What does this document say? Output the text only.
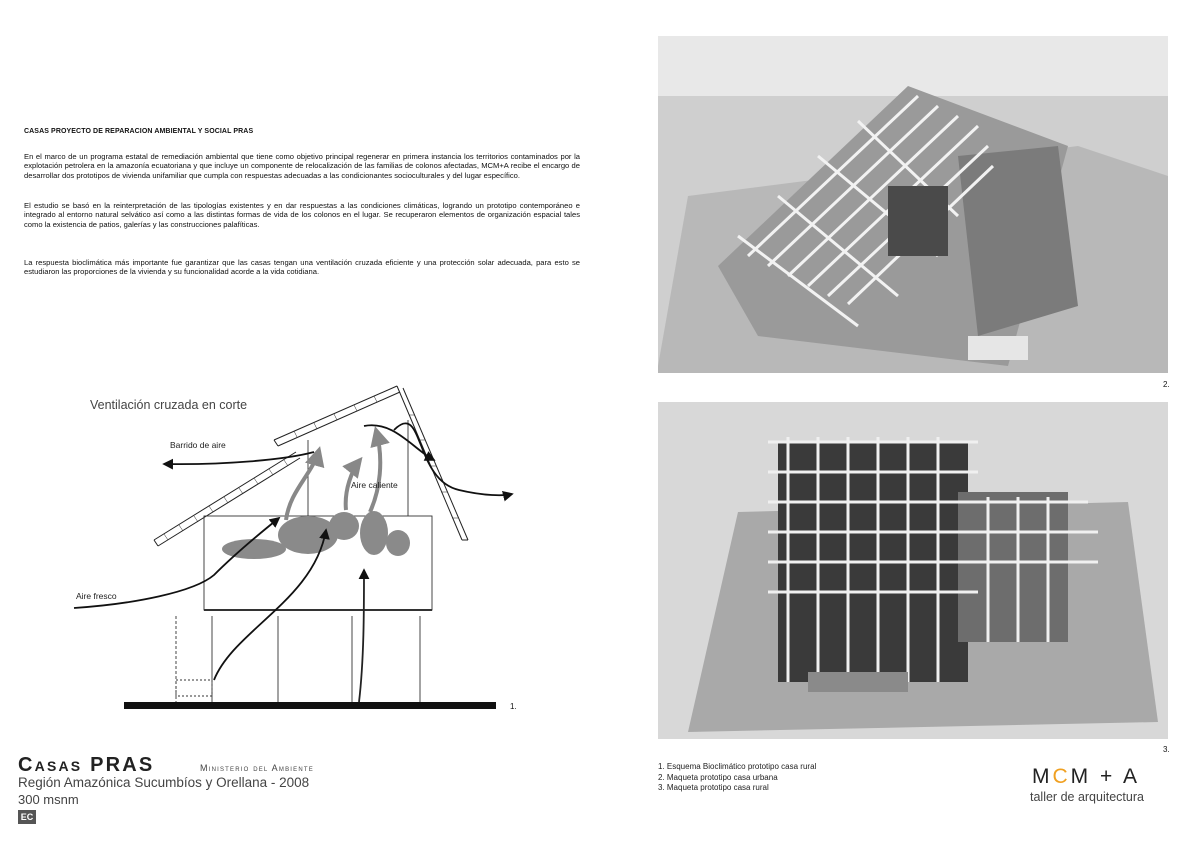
CASAS PROYECTO DE REPARACION AMBIENTAL Y SOCIAL PRAS

En el marco de un programa estatal de remediación ambiental que tiene como objetivo principal regenerar en primera instancia los territorios contaminados por la explotación petrolera en la amazonía ecuatoriana y que incluye un componente de relocalización de las familias de colonos afectadas, MCM+A recibe el encargo de desarrollar dos prototipos de vivienda unifamiliar que cumpla con respuestas adecuadas a las condicionantes socioculturales y del lugar específico.

El estudio se basó en la reinterpretación de las tipologías existentes y en dar respuestas a las condiciones climáticas, logrando un prototipo contemporáneo e integrado al entorno natural selvático así como a las distintas formas de vida de los colonos en el lugar. Se recuperaron elementos de organización espacial tales como la existencia de patios, galerías y las construcciones palafíticas.

La respuesta bioclimática más importante fue garantizar que las casas tengan una ventilación cruzada eficiente y una protección solar adecuada, para esto se estudiaron las proporciones de la vivienda y su funcionalidad acorde a la vida cotidiana.

Ventilación cruzada en corte
Barrido de aire
Aire caliente
Aire fresco
1.
2.
3.
1. Esquema Bioclimático prototipo casa rural
2. Maqueta prototipo casa urbana
3. Maqueta prototipo casa rural
Casas PRAS	Ministerio del Ambiente
Región Amazónica Sucumbíos y Orellana - 2008
300 msnm
EC
MCM + A
taller de arquitectura
